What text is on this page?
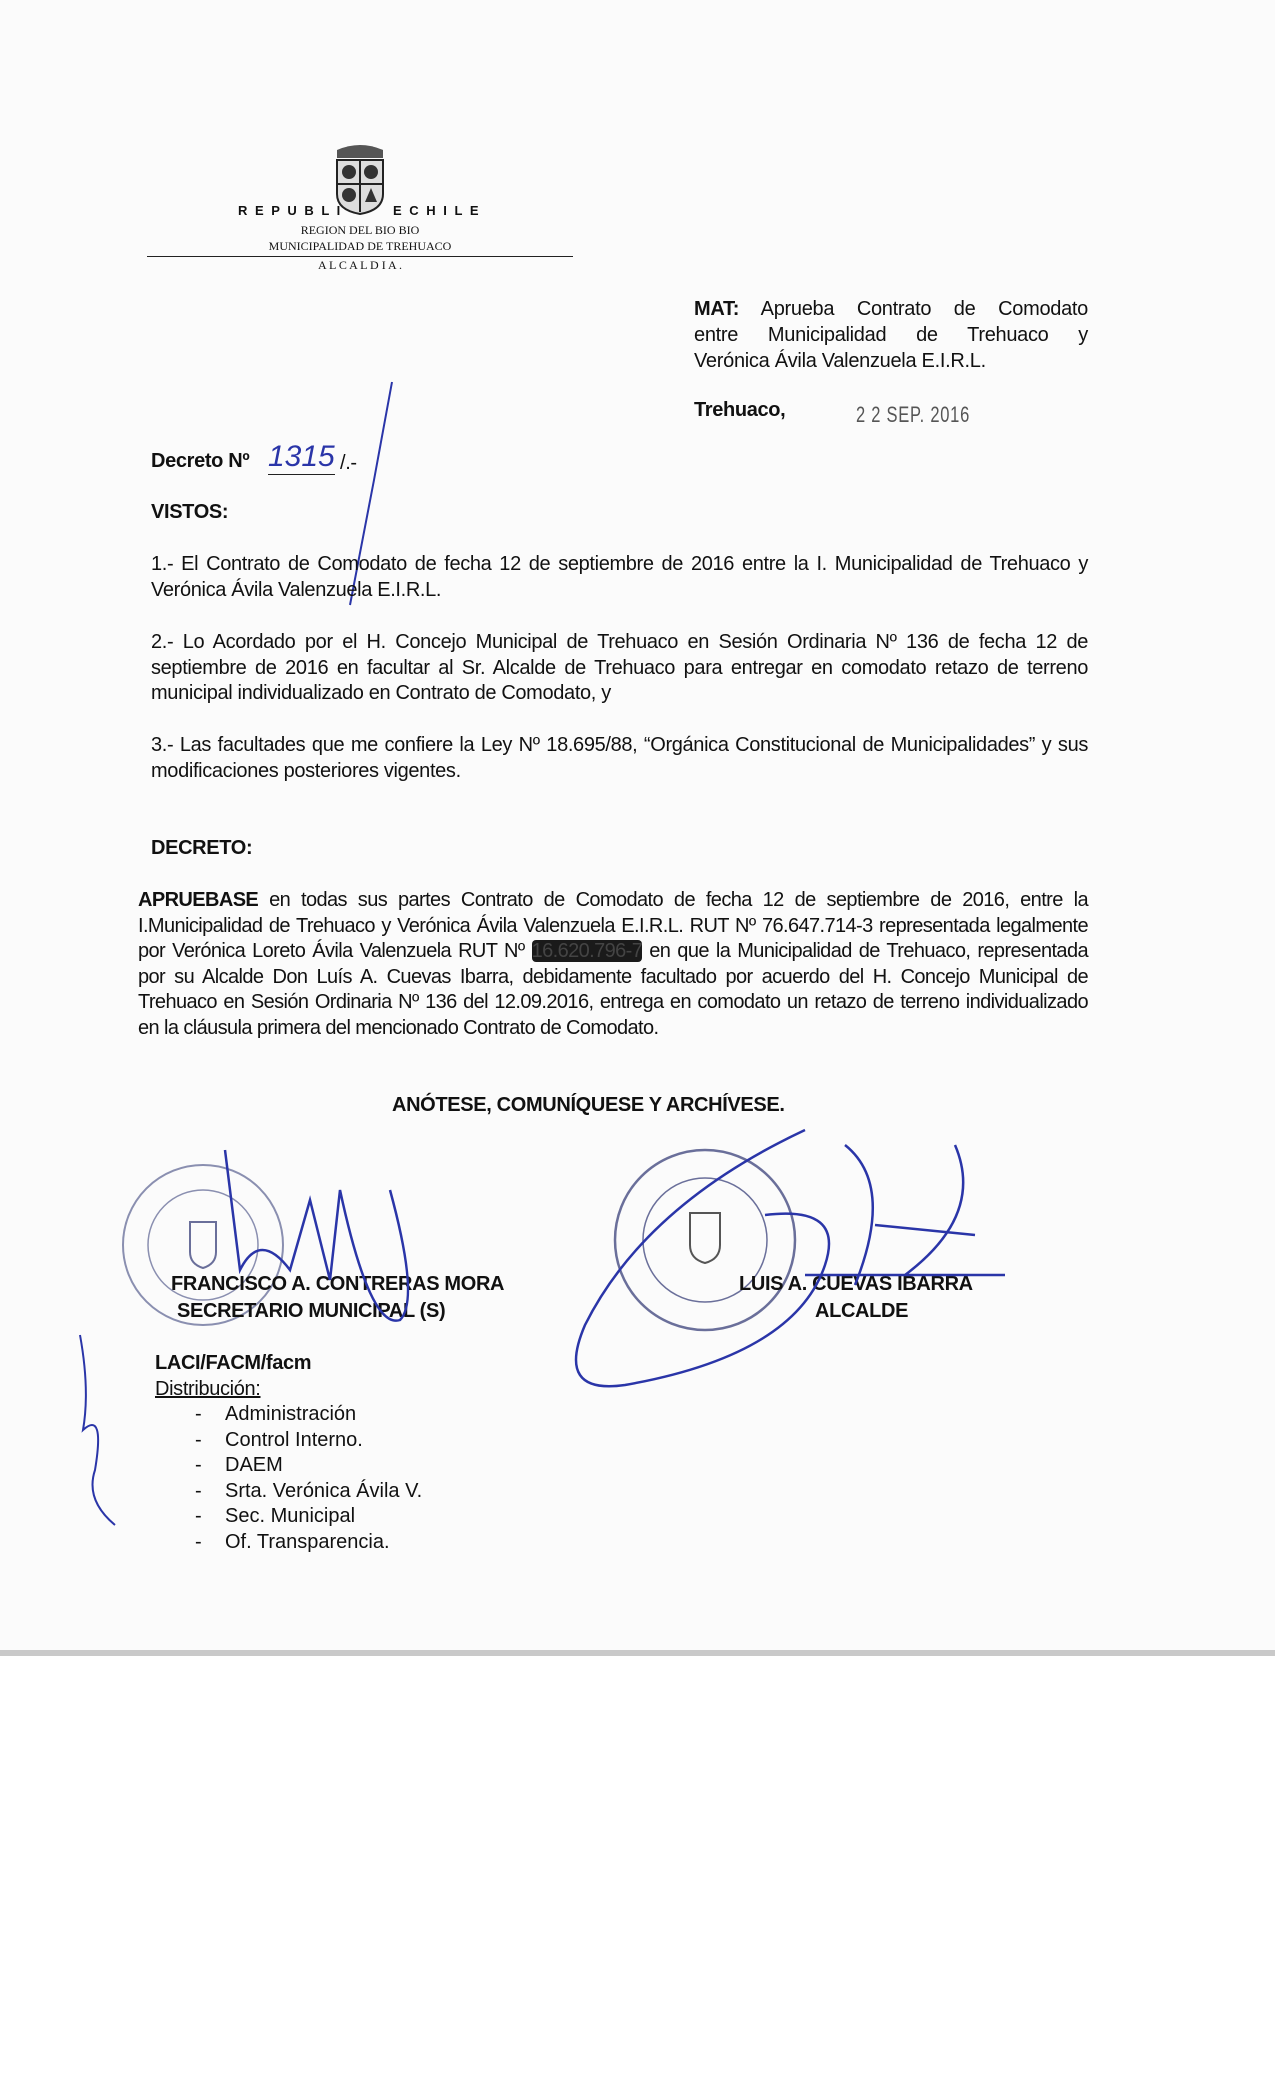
R E P U B L I	E C H I L E
REGION DEL BIO BIO
MUNICIPALIDAD DE TREHUACO
A L C A L D I A .
MAT: Aprueba Contrato de Comodato
entre Municipalidad de Trehuaco y
Verónica Ávila Valenzuela E.I.R.L.
Trehuaco,	2 2 SEP. 2016
Decreto Nº 1315 /.-
VISTOS:
1.- El Contrato de Comodato de fecha 12 de septiembre de 2016 entre la I. Municipalidad de Trehuaco y Verónica Ávila Valenzuela E.I.R.L.
2.- Lo Acordado por el H. Concejo Municipal de Trehuaco en Sesión Ordinaria Nº 136 de fecha 12 de septiembre de 2016 en facultar al Sr. Alcalde de Trehuaco para entregar en comodato retazo de terreno municipal individualizado en Contrato de Comodato, y
3.- Las facultades que me confiere la Ley Nº 18.695/88, “Orgánica Constitucional de Municipalidades” y sus modificaciones posteriores vigentes.
DECRETO:
APRUEBASE en todas sus partes Contrato de Comodato de fecha 12 de septiembre de 2016, entre la I.Municipalidad de Trehuaco y Verónica Ávila Valenzuela E.I.R.L. RUT Nº 76.647.714-3 representada legalmente por Verónica Loreto Ávila Valenzuela RUT Nº 16.620.796-7 en que la Municipalidad de Trehuaco, representada por su Alcalde Don Luís A. Cuevas Ibarra, debidamente facultado por acuerdo del H. Concejo Municipal de Trehuaco en Sesión Ordinaria Nº 136 del 12.09.2016, entrega en comodato un retazo de terreno individualizado en la cláusula primera del mencionado Contrato de Comodato.
ANÓTESE, COMUNÍQUESE Y ARCHÍVESE.
FRANCISCO A. CONTRERAS MORA
SECRETARIO MUNICIPAL (S)
LUIS A. CUEVAS IBARRA
ALCALDE
LACI/FACM/facm
Distribución:
- Administración
- Control Interno.
- DAEM
- Srta. Verónica Ávila V.
- Sec. Municipal
- Of. Transparencia.
